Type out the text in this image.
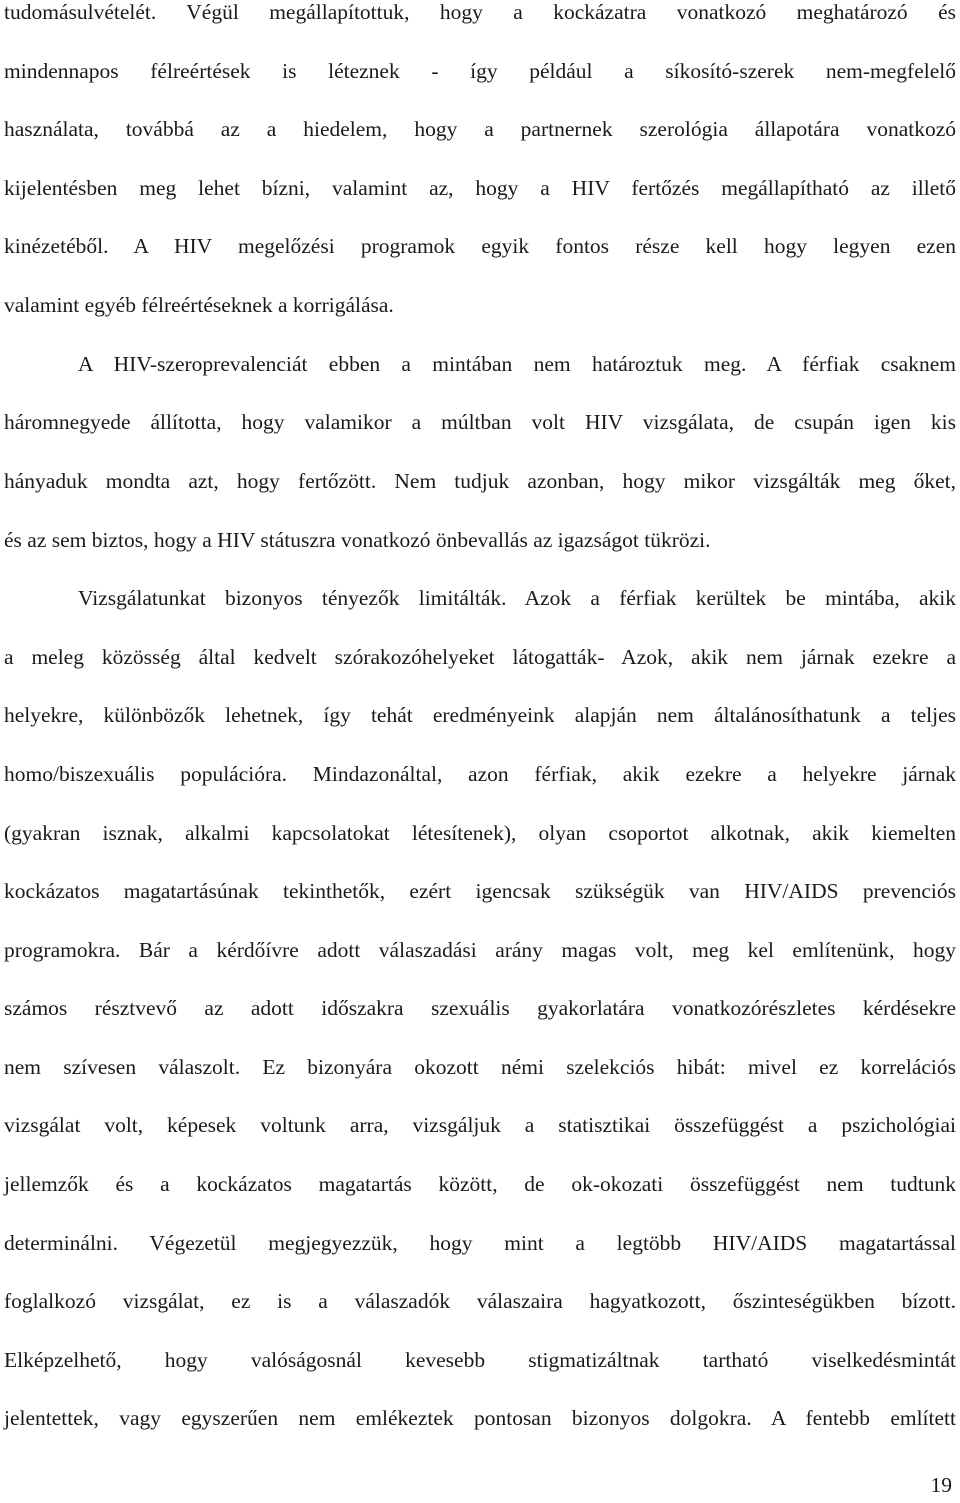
tudomásulvételét. Végül megállapítottuk, hogy a kockázatra vonatkozó meghatározó és
mindennapos félreértések is léteznek - így például a síkosító-szerek nem-megfelelő
használata, továbbá az a hiedelem, hogy a partnernek szerológia állapotára vonatkozó
kijelentésben meg lehet bízni, valamint az, hogy a HIV fertőzés megállapítható az illető
kinézetéből. A HIV megelőzési programok egyik fontos része kell hogy legyen ezen
valamint egyéb félreértéseknek a korrigálása.
A HIV-szeroprevalenciát ebben a mintában nem határoztuk meg. A férfiak csaknem
háromnegyede állította, hogy valamikor a múltban volt HIV vizsgálata, de csupán igen kis
hányaduk mondta azt, hogy fertőzött. Nem tudjuk azonban, hogy mikor vizsgálták meg őket,
és az sem biztos, hogy a HIV státuszra vonatkozó önbevallás az igazságot tükrözi.
Vizsgálatunkat bizonyos tényezők limitálták. Azok a férfiak kerültek be mintába, akik
a meleg közösség által kedvelt szórakozóhelyeket látogatták- Azok, akik nem járnak ezekre a
helyekre, különbözők lehetnek, így tehát eredményeink alapján nem általánosíthatunk a teljes
homo/biszexuális populációra. Mindazonáltal, azon férfiak, akik ezekre a helyekre járnak
(gyakran isznak, alkalmi kapcsolatokat létesítenek), olyan csoportot alkotnak, akik kiemelten
kockázatos magatartásúnak tekinthetők, ezért igencsak szükségük van HIV/AIDS prevenciós
programokra. Bár a kérdőívre adott válaszadási arány magas volt, meg kel említenünk, hogy
számos résztvevő az adott időszakra szexuális gyakorlatára vonatkozórészletes kérdésekre
nem szívesen válaszolt. Ez bizonyára okozott némi szelekciós hibát: mivel ez korrelációs
vizsgálat volt, képesek voltunk arra, vizsgáljuk a statisztikai összefüggést a pszichológiai
jellemzők és a kockázatos magatartás között, de ok-okozati összefüggést nem tudtunk
determinálni. Végezetül megjegyezzük, hogy mint a legtöbb HIV/AIDS magatartással
foglalkozó vizsgálat, ez is a válaszadók válaszaira hagyatkozott, őszinteségükben bízott.
Elképzelhető, hogy valóságosnál kevesebb stigmatizáltnak tartható viselkedésmintát
jelentettek, vagy egyszerűen nem emlékeztek pontosan bizonyos dolgokra. A fentebb említett
19
